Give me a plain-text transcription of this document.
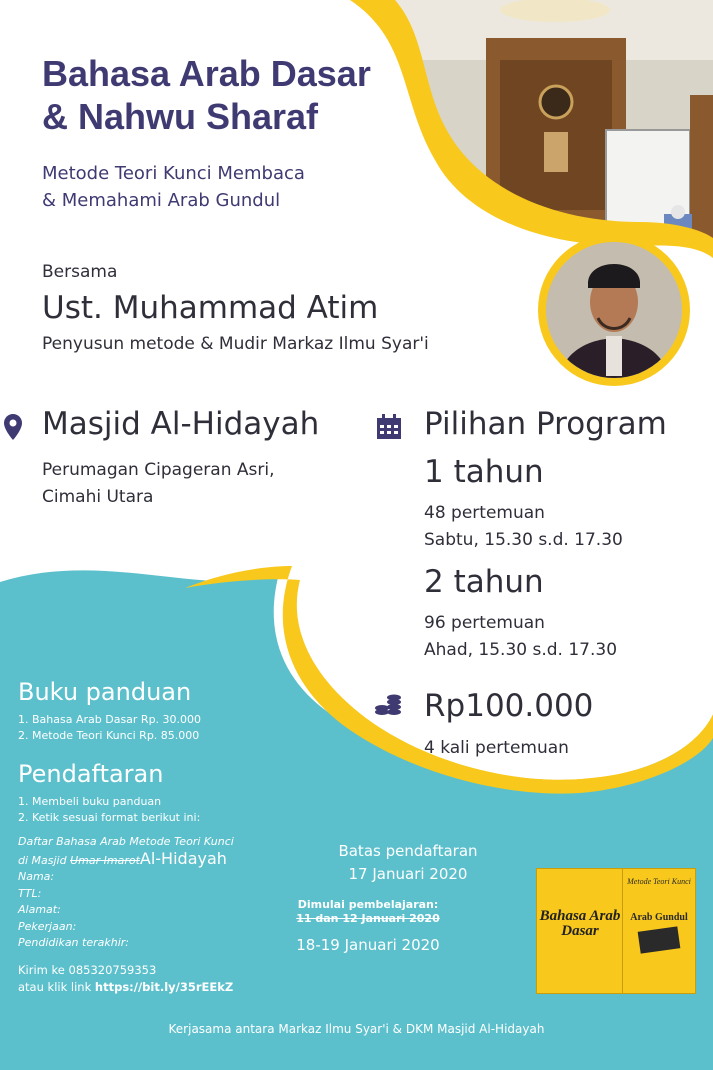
Bahasa Arab Dasar
& Nahwu Sharaf
Metode Teori Kunci Membaca
& Memahami Arab Gundul
Bersama
Ust. Muhammad Atim
Penyusun metode & Mudir Markaz Ilmu Syar'i
Masjid Al-Hidayah
Perumagan Cipageran Asri,
Cimahi Utara
Pilihan Program
1 tahun
48 pertemuan
Sabtu, 15.30 s.d. 17.30
2 tahun
96 pertemuan
Ahad, 15.30 s.d. 17.30
Rp100.000
4 kali pertemuan
Buku panduan
1. Bahasa Arab Dasar Rp. 30.000
2. Metode Teori Kunci Rp. 85.000
Pendaftaran
1. Membeli buku panduan
2. Ketik sesuai format berikut ini:
Daftar Bahasa Arab Metode Teori Kunci
di Masjid Umar ImarotAl-Hidayah
Nama:
TTL:
Alamat:
Pekerjaan:
Pendidikan terakhir:
Kirim ke 085320759353
atau klik link https://bit.ly/35rEEkZ
Batas pendaftaran
17 Januari 2020
Dimulai pembelajaran:
11 dan 12 Januari 2020
18-19 Januari 2020
Bahasa Arab Dasar
Metode Teori Kunci
Arab Gundul
Kerjasama antara Markaz Ilmu Syar'i & DKM Masjid Al-Hidayah
